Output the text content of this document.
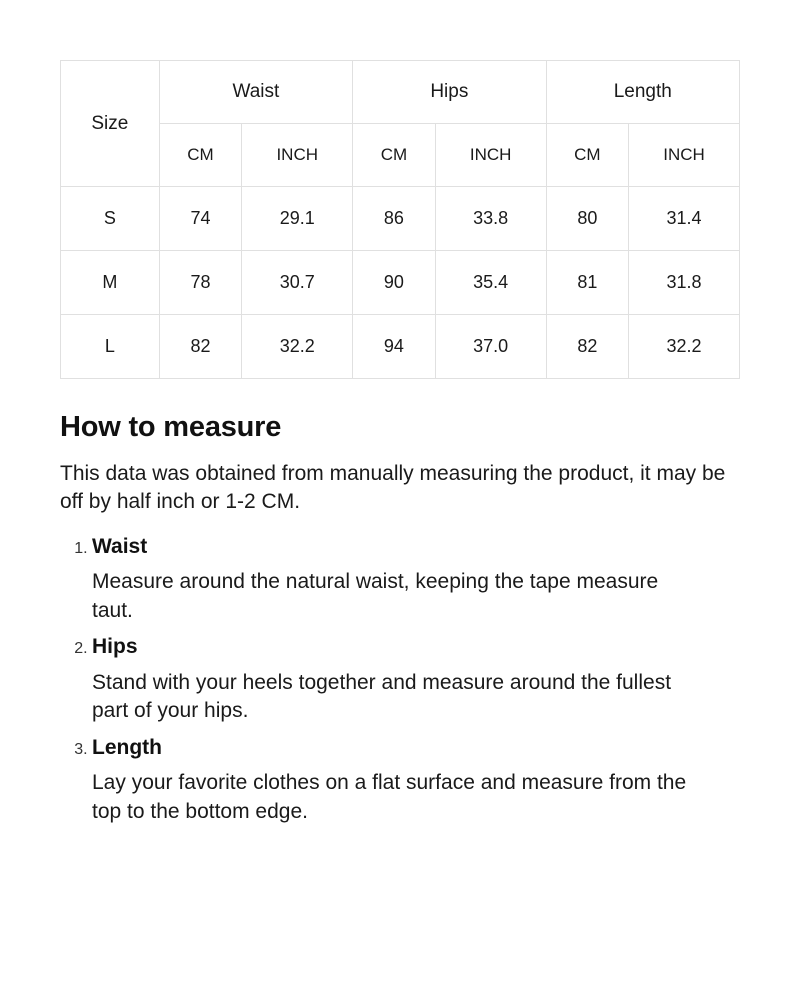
Size	Waist		Hips		Length	
	CM	INCH	CM	INCH	CM	INCH
S	74	29.1	86	33.8	80	31.4
M	78	30.7	90	35.4	81	31.8
L	82	32.2	94	37.0	82	32.2
How to measure

This data was obtained from manually measuring the product, it may be off by half inch or 1-2 CM.

1. Waist
Measure around the natural waist, keeping the tape measure taut.
2. Hips
Stand with your heels together and measure around the fullest part of your hips.
3. Length
Lay your favorite clothes on a flat surface and measure from the top to the bottom edge.
